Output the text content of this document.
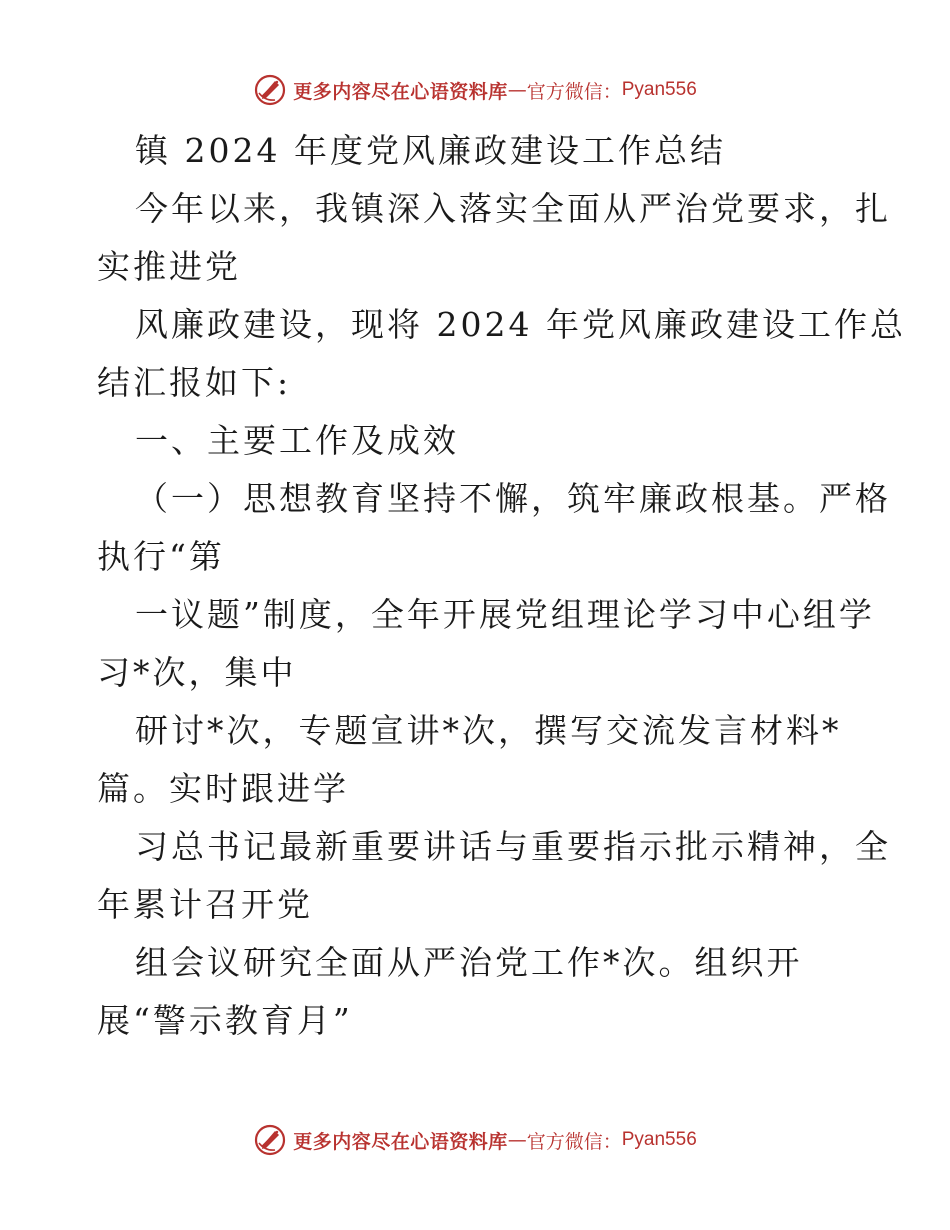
更多内容尽在心语资料库 — 官方微信： Pyan556
镇 2024 年度党风廉政建设工作总结
今年以来，我镇深入落实全面从严治党要求，扎
实推进党
风廉政建设，现将 2024 年党风廉政建设工作总
结汇报如下:
一、主要工作及成效
（一）思想教育坚持不懈，筑牢廉政根基。严格
执行“第
一议题”制度，全年开展党组理论学习中心组学
习*次，集中
研讨*次，专题宣讲*次，撰写交流发言材料*
篇。实时跟进学
习总书记最新重要讲话与重要指示批示精神，全
年累计召开党
组会议研究全面从严治党工作*次。组织开
展“警示教育月”
更多内容尽在心语资料库 — 官方微信： Pyan556
